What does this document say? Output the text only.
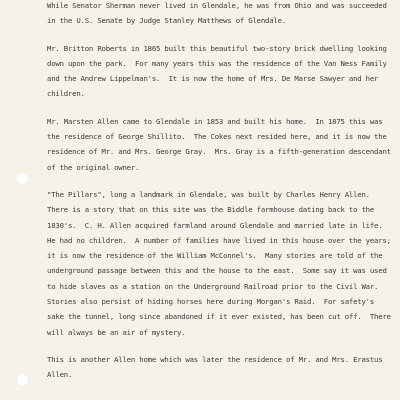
While Senator Sherman never lived in Glendale, he was from Ohio and was succeeded
in the U.S. Senate by Judge Stanley Matthews of Glendale.
Mr. Britton Roberts in 1865 built this beautiful two-story brick dwelling looking
down upon the park.  For many years this was the residence of the Van Ness Family
and the Andrew Lippelman's.  It is now the home of Mrs. De Marse Sawyer and her
children.
Mr. Marsten Allen came to Glendale in 1853 and built his home.  In 1875 this was
the residence of George Shillito.  The Cokes next resided here, and it is now the
residence of Mr. and Mrs. George Gray.  Mrs. Gray is a fifth-generation descendant
of the original owner.
"The Pillars", long a landmark in Glendale, was built by Charles Henry Allen.
There is a story that on this site was the Biddle farmhouse dating back to the
1830's.  C. H. Allen acquired farmland around Glendale and married late in life.
He had no children.  A number of families have lived in this house over the years;
it is now the residence of the William McConnel's.  Many stories are told of the
underground passage between this and the house to the east.  Some say it was used
to hide slaves as a station on the Underground Railroad prior to the Civil War.
Stories also persist of hiding horses here during Morgan's Raid.  For safety's
sake the tunnel, long since abandoned if it ever existed, has been cut off.  There
will always be an air of mystery.
This is another Allen home which was later the residence of Mr. and Mrs. Erastus
Allen.
